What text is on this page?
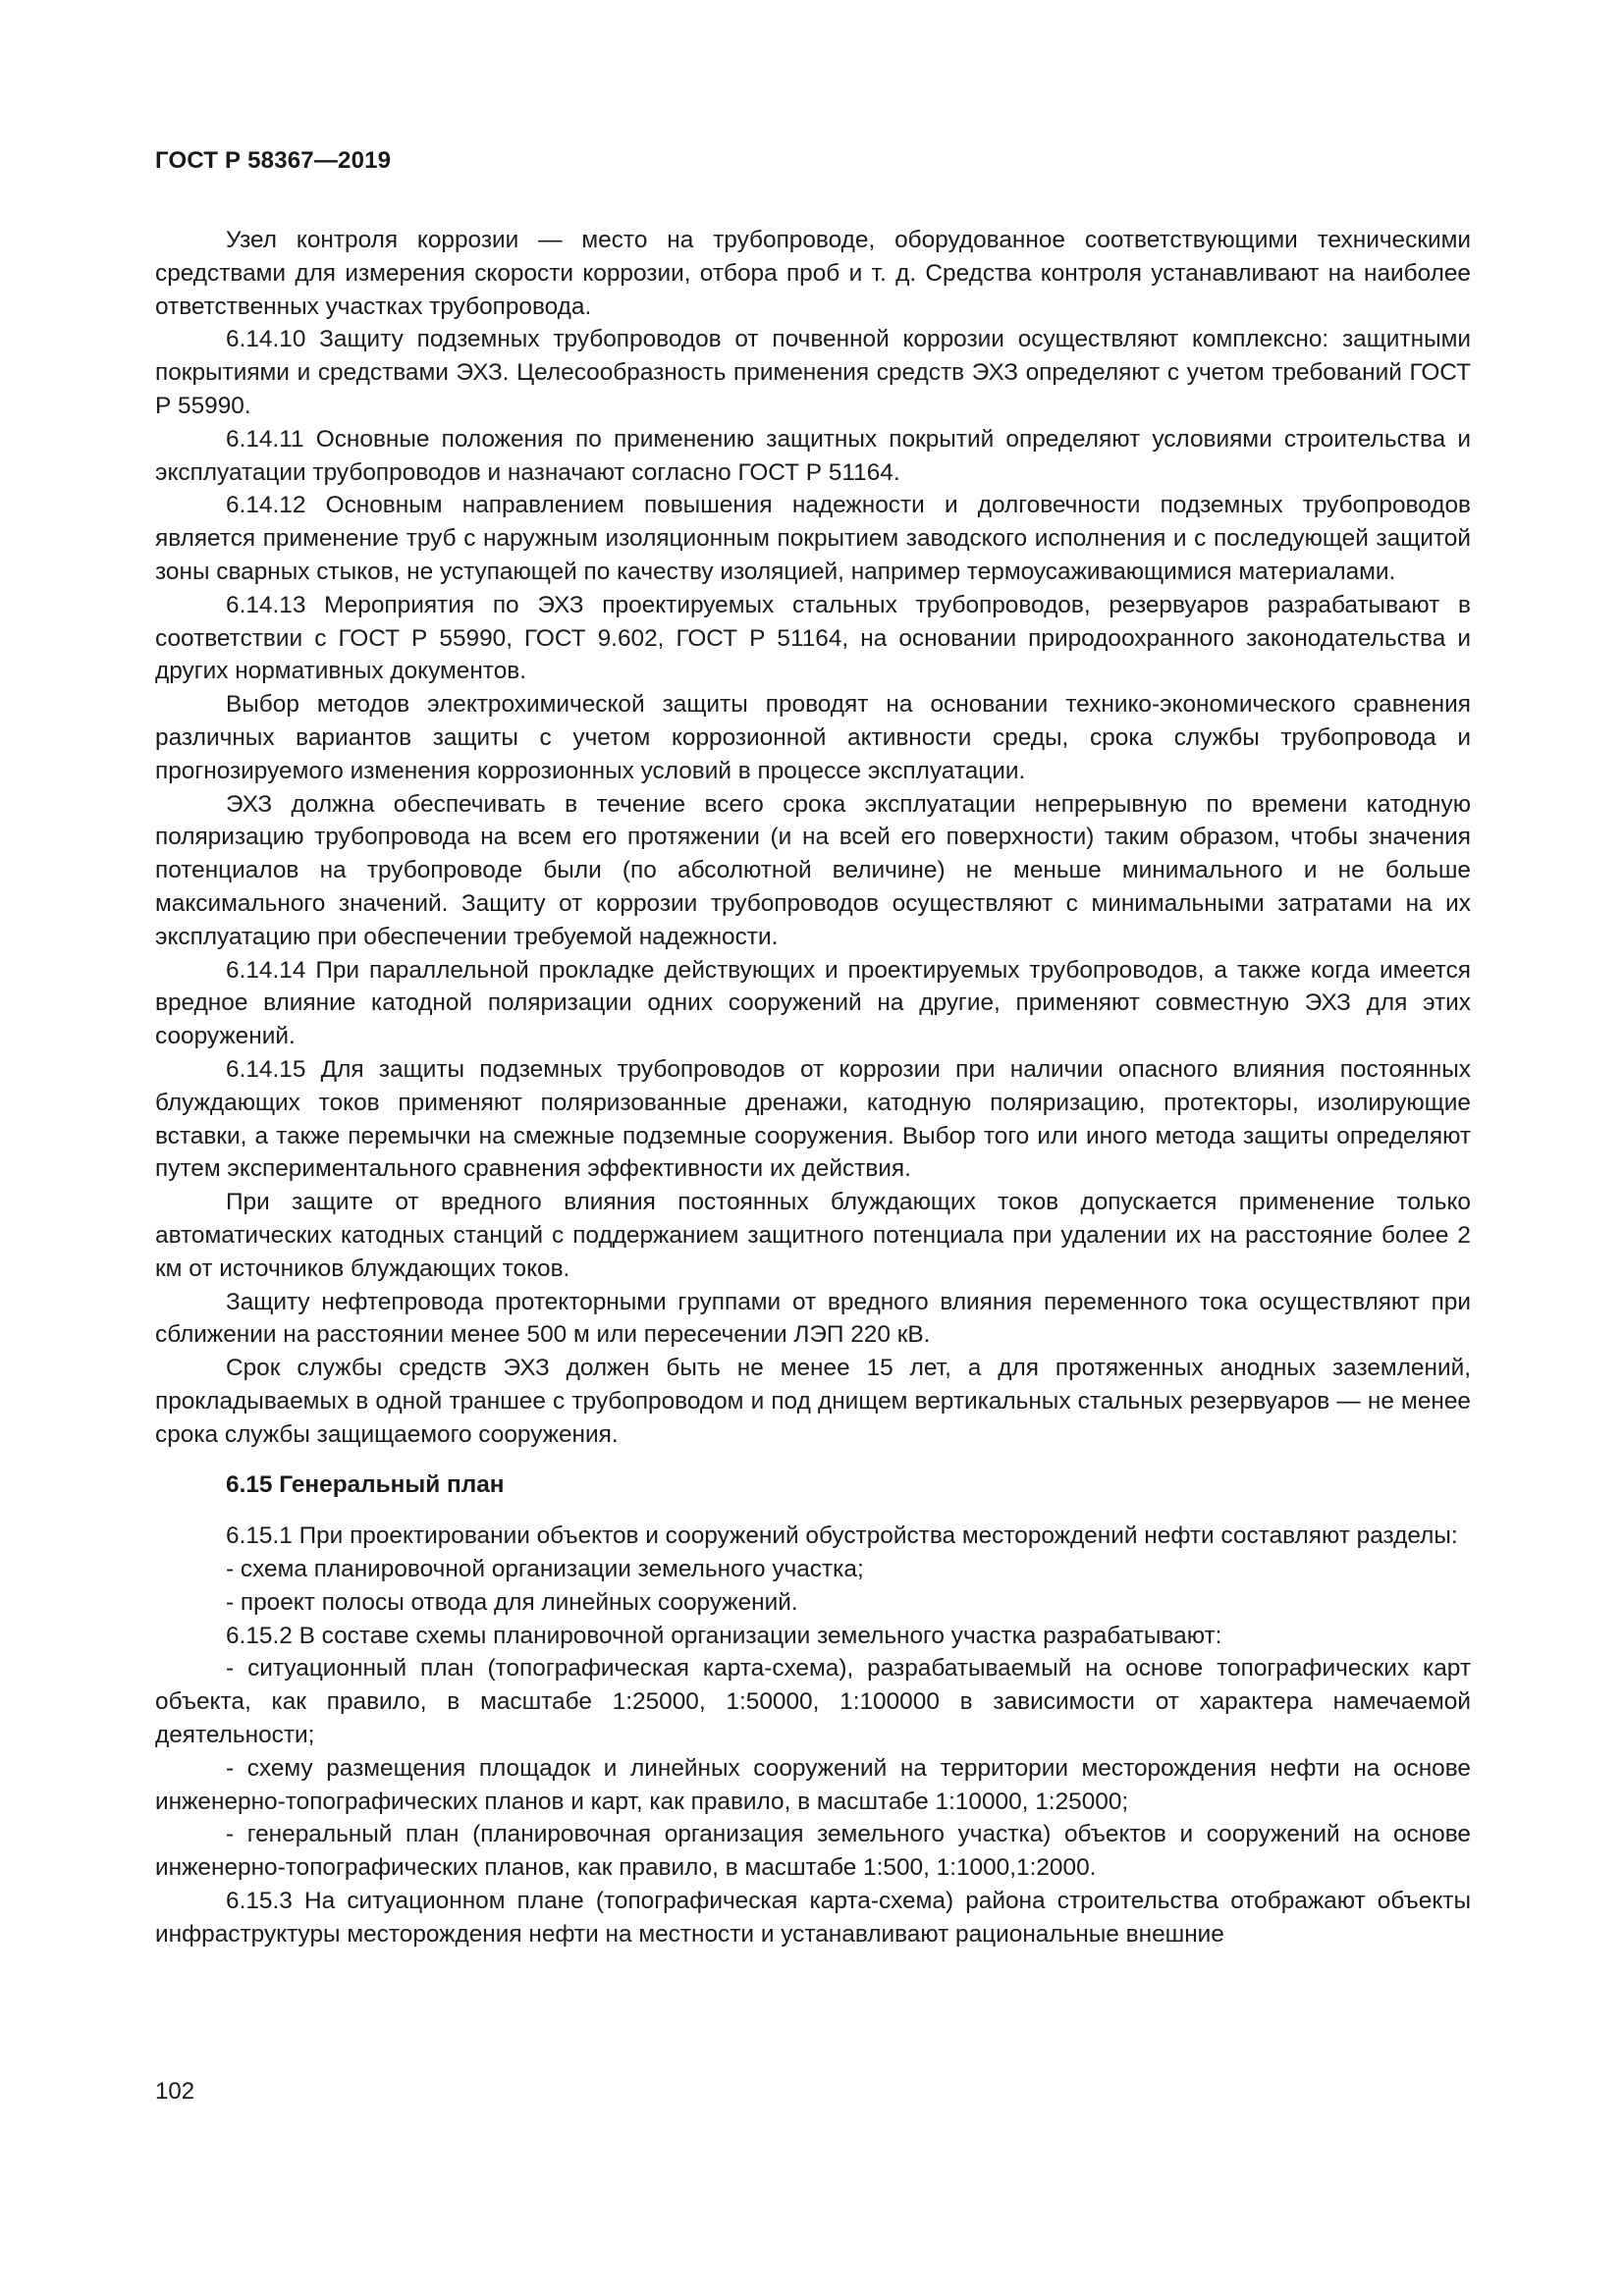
ГОСТ Р 58367—2019

Узел контроля коррозии — место на трубопроводе, оборудованное соответствующими техническими средствами для измерения скорости коррозии, отбора проб и т. д. Средства контроля устанавливают на наиболее ответственных участках трубопровода.

6.14.10 Защиту подземных трубопроводов от почвенной коррозии осуществляют комплексно: защитными покрытиями и средствами ЭХЗ. Целесообразность применения средств ЭХЗ определяют с учетом требований ГОСТ Р 55990.

6.14.11 Основные положения по применению защитных покрытий определяют условиями строительства и эксплуатации трубопроводов и назначают согласно ГОСТ Р 51164.

6.14.12 Основным направлением повышения надежности и долговечности подземных трубопроводов является применение труб с наружным изоляционным покрытием заводского исполнения и с последующей защитой зоны сварных стыков, не уступающей по качеству изоляцией, например термоусаживающимися материалами.

6.14.13 Мероприятия по ЭХЗ проектируемых стальных трубопроводов, резервуаров разрабатывают в соответствии с ГОСТ Р 55990, ГОСТ 9.602, ГОСТ Р 51164, на основании природоохранного законодательства и других нормативных документов.

Выбор методов электрохимической защиты проводят на основании технико-экономического сравнения различных вариантов защиты с учетом коррозионной активности среды, срока службы трубопровода и прогнозируемого изменения коррозионных условий в процессе эксплуатации.

ЭХЗ должна обеспечивать в течение всего срока эксплуатации непрерывную по времени катодную поляризацию трубопровода на всем его протяжении (и на всей его поверхности) таким образом, чтобы значения потенциалов на трубопроводе были (по абсолютной величине) не меньше минимального и не больше максимального значений. Защиту от коррозии трубопроводов осуществляют с минимальными затратами на их эксплуатацию при обеспечении требуемой надежности.

6.14.14 При параллельной прокладке действующих и проектируемых трубопроводов, а также когда имеется вредное влияние катодной поляризации одних сооружений на другие, применяют совместную ЭХЗ для этих сооружений.

6.14.15 Для защиты подземных трубопроводов от коррозии при наличии опасного влияния постоянных блуждающих токов применяют поляризованные дренажи, катодную поляризацию, протекторы, изолирующие вставки, а также перемычки на смежные подземные сооружения. Выбор того или иного метода защиты определяют путем экспериментального сравнения эффективности их действия.

При защите от вредного влияния постоянных блуждающих токов допускается применение только автоматических катодных станций с поддержанием защитного потенциала при удалении их на расстояние более 2 км от источников блуждающих токов.

Защиту нефтепровода протекторными группами от вредного влияния переменного тока осуществляют при сближении на расстоянии менее 500 м или пересечении ЛЭП 220 кВ.

Срок службы средств ЭХЗ должен быть не менее 15 лет, а для протяженных анодных заземлений, прокладываемых в одной траншее с трубопроводом и под днищем вертикальных стальных резервуаров — не менее срока службы защищаемого сооружения.

6.15 Генеральный план

6.15.1 При проектировании объектов и сооружений обустройства месторождений нефти составляют разделы:

- схема планировочной организации земельного участка;

- проект полосы отвода для линейных сооружений.

6.15.2 В составе схемы планировочной организации земельного участка разрабатывают:

- ситуационный план (топографическая карта-схема), разрабатываемый на основе топографических карт объекта, как правило, в масштабе 1:25000, 1:50000, 1:100000 в зависимости от характера намечаемой деятельности;

- схему размещения площадок и линейных сооружений на территории месторождения нефти на основе инженерно-топографических планов и карт, как правило, в масштабе 1:10000, 1:25000;

- генеральный план (планировочная организация земельного участка) объектов и сооружений на основе инженерно-топографических планов, как правило, в масштабе 1:500, 1:1000,1:2000.

6.15.3 На ситуационном плане (топографическая карта-схема) района строительства отображают объекты инфраструктуры месторождения нефти на местности и устанавливают рациональные внешние

102
